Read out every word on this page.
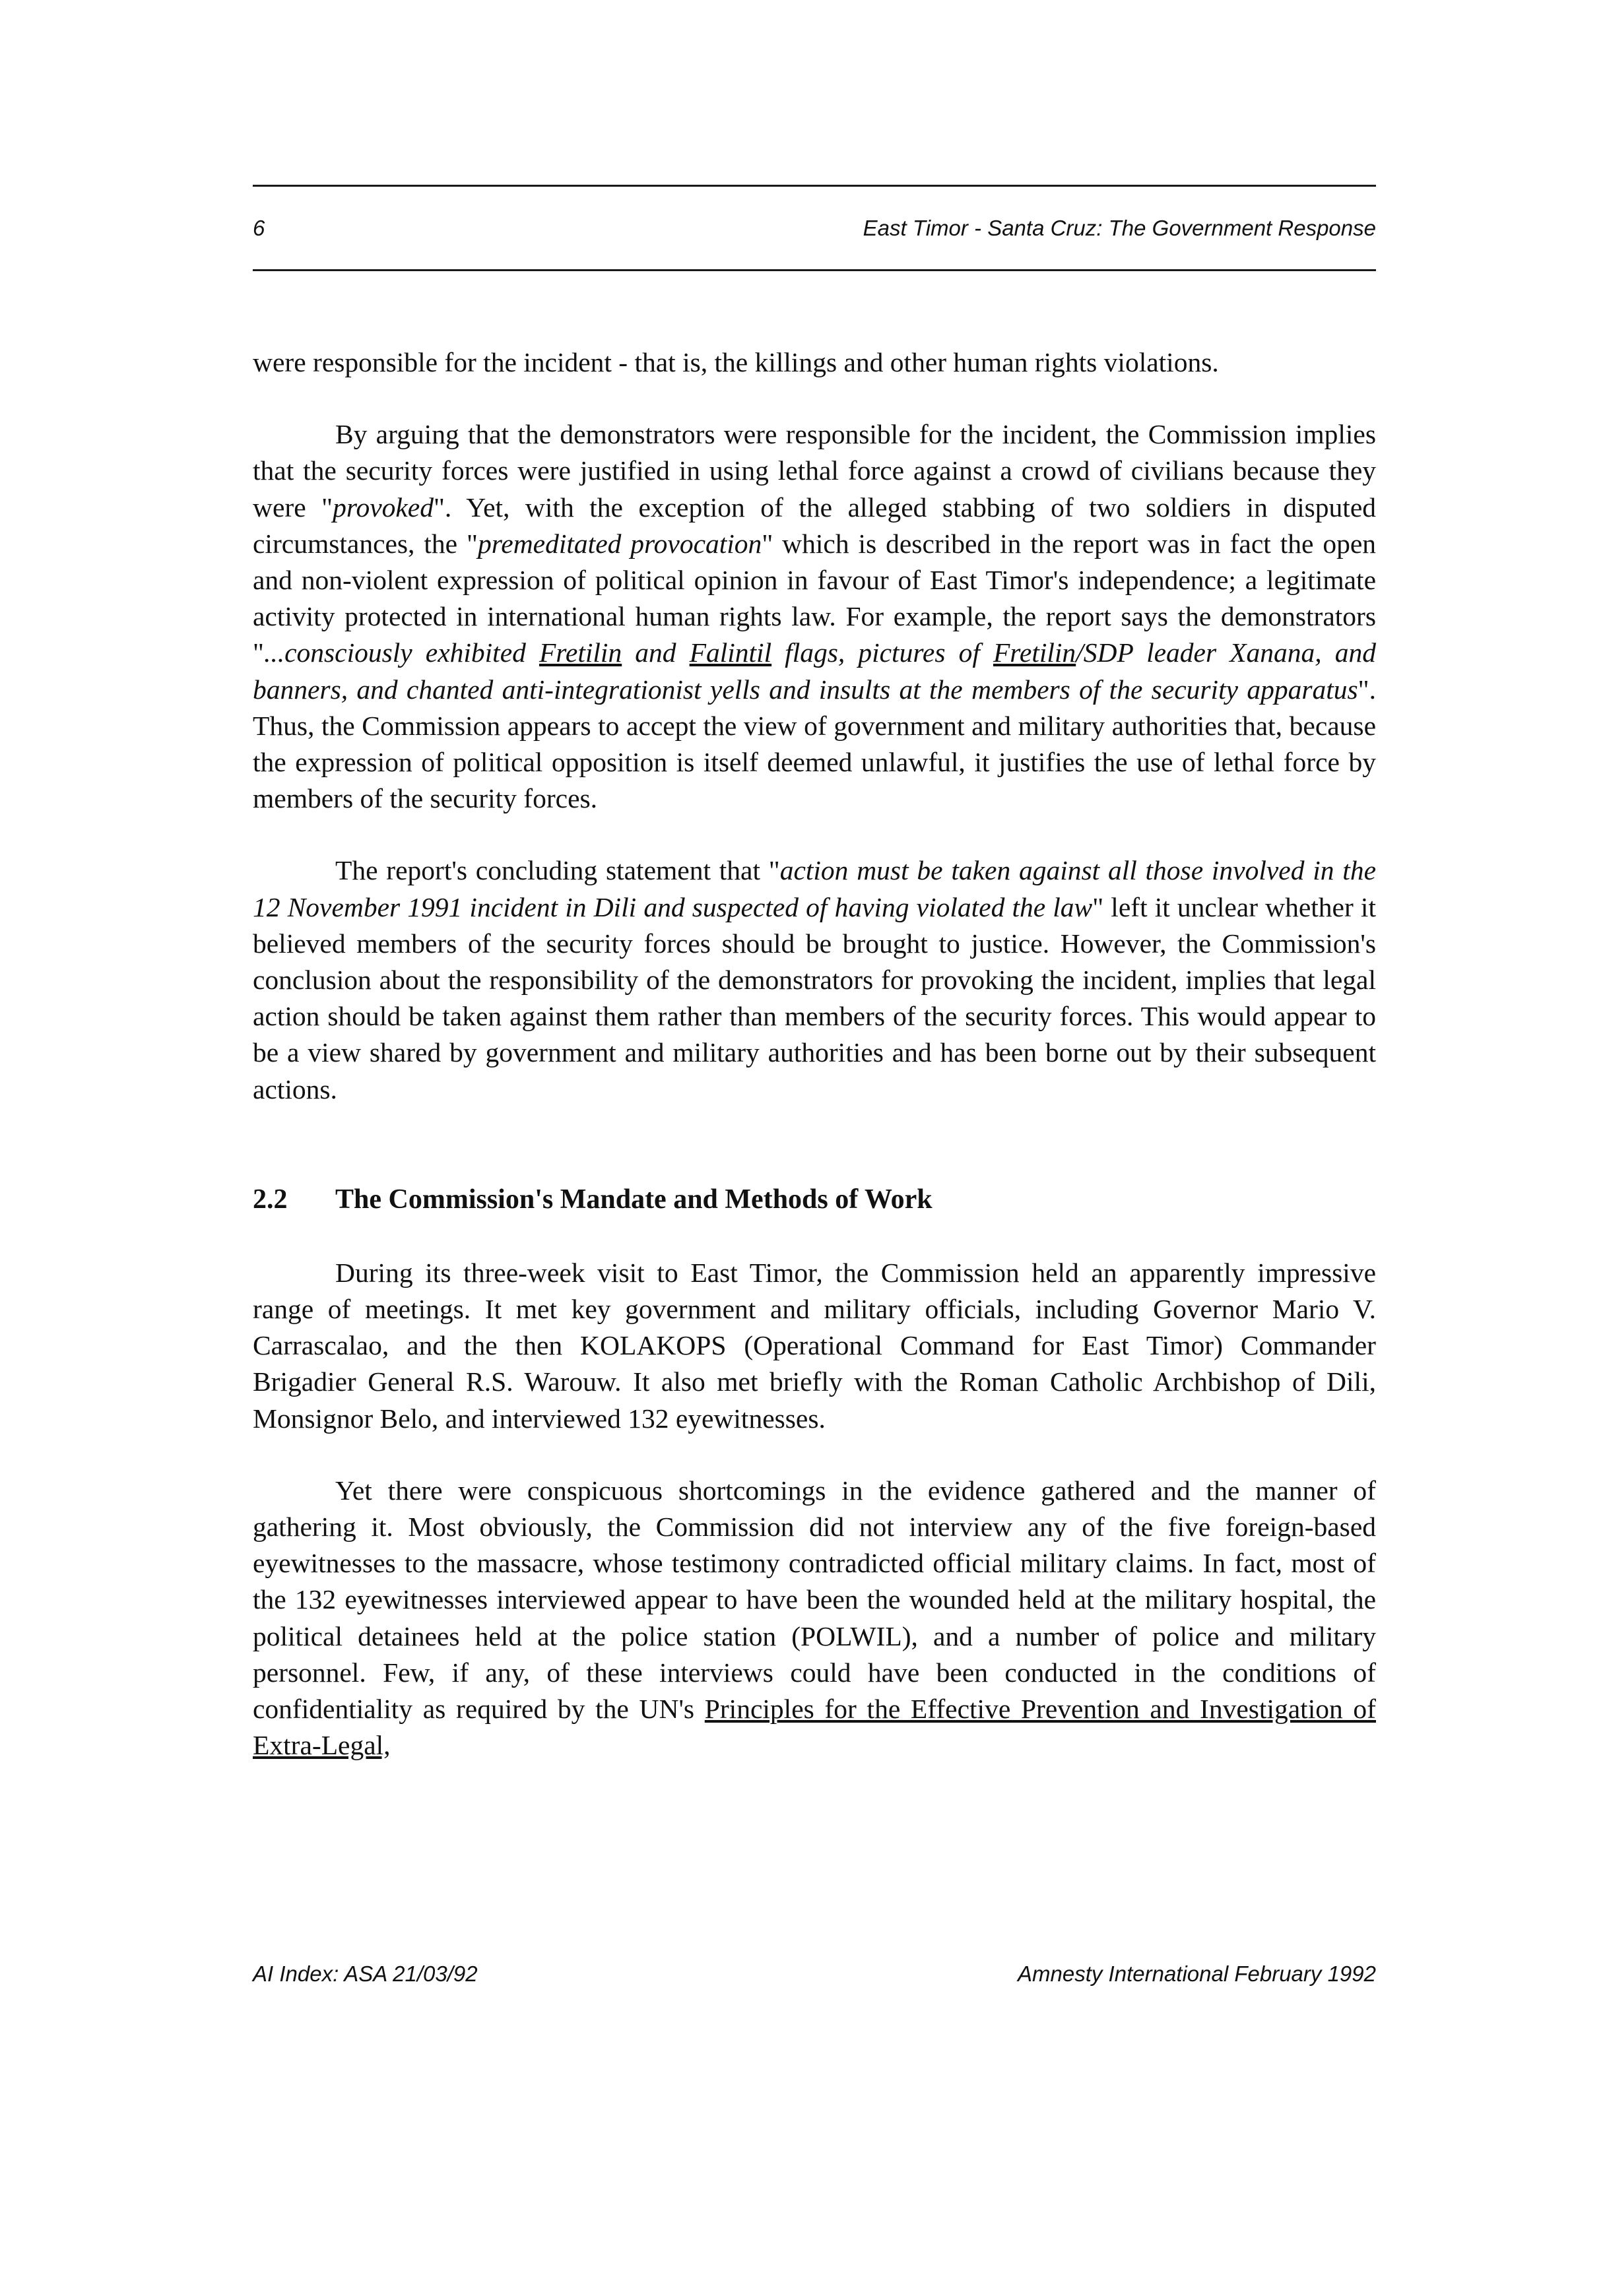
6	East Timor - Santa Cruz: The Government Response

were responsible for the incident - that is, the killings and other human rights violations.

By arguing that the demonstrators were responsible for the incident, the Commission implies that the security forces were justified in using lethal force against a crowd of civilians because they were "provoked". Yet, with the exception of the alleged stabbing of two soldiers in disputed circumstances, the "premeditated provocation" which is described in the report was in fact the open and non-violent expression of political opinion in favour of East Timor's independence; a legitimate activity protected in international human rights law. For example, the report says the demonstrators "...consciously exhibited Fretilin and Falintil flags, pictures of Fretilin/SDP leader Xanana, and banners, and chanted anti-integrationist yells and insults at the members of the security apparatus". Thus, the Commission appears to accept the view of government and military authorities that, because the expression of political opposition is itself deemed unlawful, it justifies the use of lethal force by members of the security forces.

The report's concluding statement that "action must be taken against all those involved in the 12 November 1991 incident in Dili and suspected of having violated the law" left it unclear whether it believed members of the security forces should be brought to justice. However, the Commission's conclusion about the responsibility of the demonstrators for provoking the incident, implies that legal action should be taken against them rather than members of the security forces. This would appear to be a view shared by government and military authorities and has been borne out by their subsequent actions.

2.2 The Commission's Mandate and Methods of Work

During its three-week visit to East Timor, the Commission held an apparently impressive range of meetings. It met key government and military officials, including Governor Mario V. Carrascalao, and the then KOLAKOPS (Operational Command for East Timor) Commander Brigadier General R.S. Warouw. It also met briefly with the Roman Catholic Archbishop of Dili, Monsignor Belo, and interviewed 132 eyewitnesses.

Yet there were conspicuous shortcomings in the evidence gathered and the manner of gathering it. Most obviously, the Commission did not interview any of the five foreign-based eyewitnesses to the massacre, whose testimony contradicted official military claims. In fact, most of the 132 eyewitnesses interviewed appear to have been the wounded held at the military hospital, the political detainees held at the police station (POLWIL), and a number of police and military personnel. Few, if any, of these interviews could have been conducted in the conditions of confidentiality as required by the UN's Principles for the Effective Prevention and Investigation of Extra-Legal,

AI Index: ASA 21/03/92	Amnesty International February 1992
